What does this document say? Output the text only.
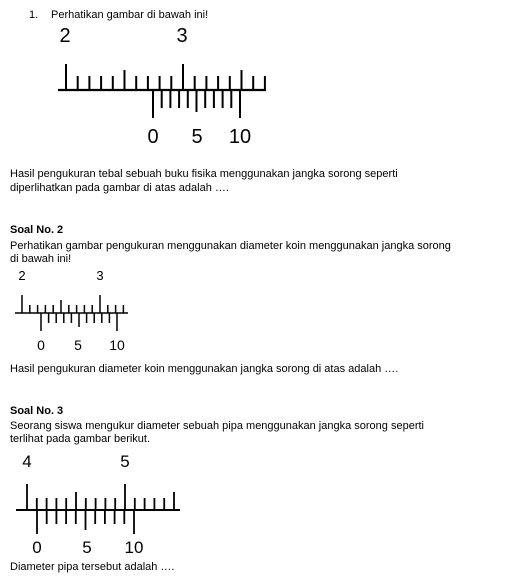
1. Perhatikan gambar di bawah ini!
2	3
0 5 10
Hasil pengukuran tebal sebuah buku fisika menggunakan jangka sorong seperti
diperlihatkan pada gambar di atas adalah ….
Soal No. 2
Perhatikan gambar pengukuran menggunakan diameter koin menggunakan jangka sorong
di bawah ini!
2	3
0 5 10
Hasil pengukuran diameter koin menggunakan jangka sorong di atas adalah ….
Soal No. 3
Seorang siswa mengukur diameter sebuah pipa menggunakan jangka sorong seperti
terlihat pada gambar berikut.
4	5
0 5 10
Diameter pipa tersebut adalah ….
